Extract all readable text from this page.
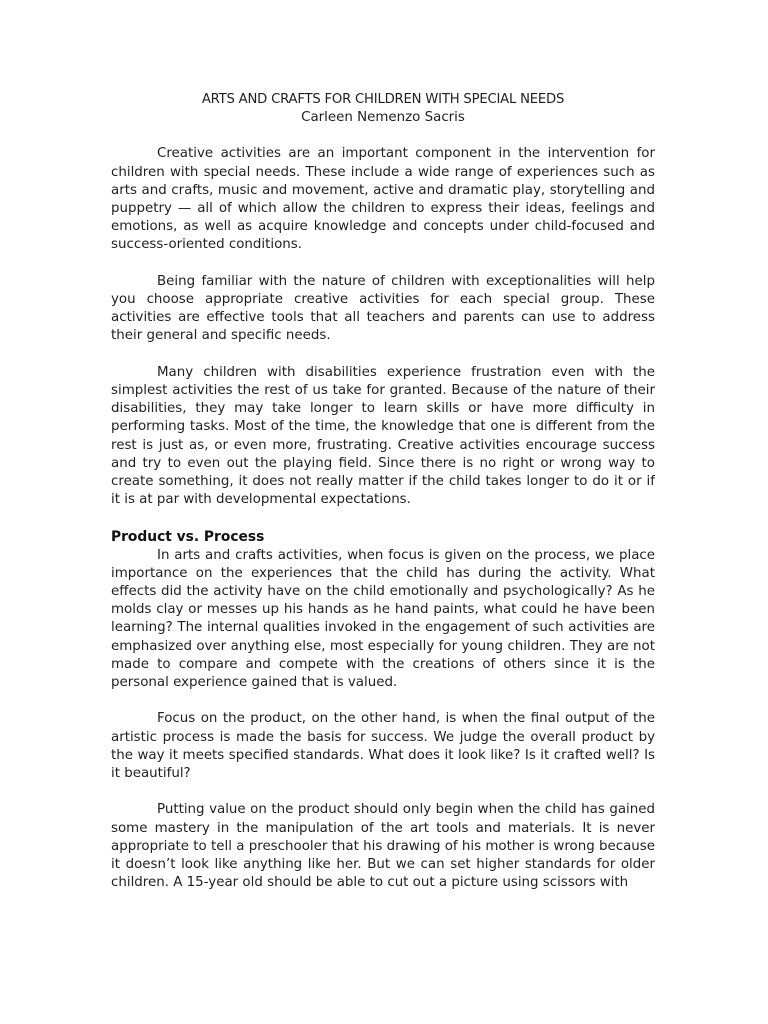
ARTS AND CRAFTS FOR CHILDREN WITH SPECIAL NEEDS
Carleen Nemenzo Sacris

Creative activities are an important component in the intervention for children with special needs. These include a wide range of experiences such as arts and crafts, music and movement, active and dramatic play, storytelling and puppetry — all of which allow the children to express their ideas, feelings and emotions, as well as acquire knowledge and concepts under child-focused and success-oriented conditions.

Being familiar with the nature of children with exceptionalities will help you choose appropriate creative activities for each special group. These activities are effective tools that all teachers and parents can use to address their general and specific needs.

Many children with disabilities experience frustration even with the simplest activities the rest of us take for granted. Because of the nature of their disabilities, they may take longer to learn skills or have more difficulty in performing tasks. Most of the time, the knowledge that one is different from the rest is just as, or even more, frustrating. Creative activities encourage success and try to even out the playing field. Since there is no right or wrong way to create something, it does not really matter if the child takes longer to do it or if it is at par with developmental expectations.

Product vs. Process

In arts and crafts activities, when focus is given on the process, we place importance on the experiences that the child has during the activity. What effects did the activity have on the child emotionally and psychologically? As he molds clay or messes up his hands as he hand paints, what could he have been learning? The internal qualities invoked in the engagement of such activities are emphasized over anything else, most especially for young children. They are not made to compare and compete with the creations of others since it is the personal experience gained that is valued.

Focus on the product, on the other hand, is when the final output of the artistic process is made the basis for success. We judge the overall product by the way it meets specified standards. What does it look like? Is it crafted well? Is it beautiful?

Putting value on the product should only begin when the child has gained some mastery in the manipulation of the art tools and materials. It is never appropriate to tell a preschooler that his drawing of his mother is wrong because it doesn’t look like anything like her. But we can set higher standards for older children. A 15-year old should be able to cut out a picture using scissors with
